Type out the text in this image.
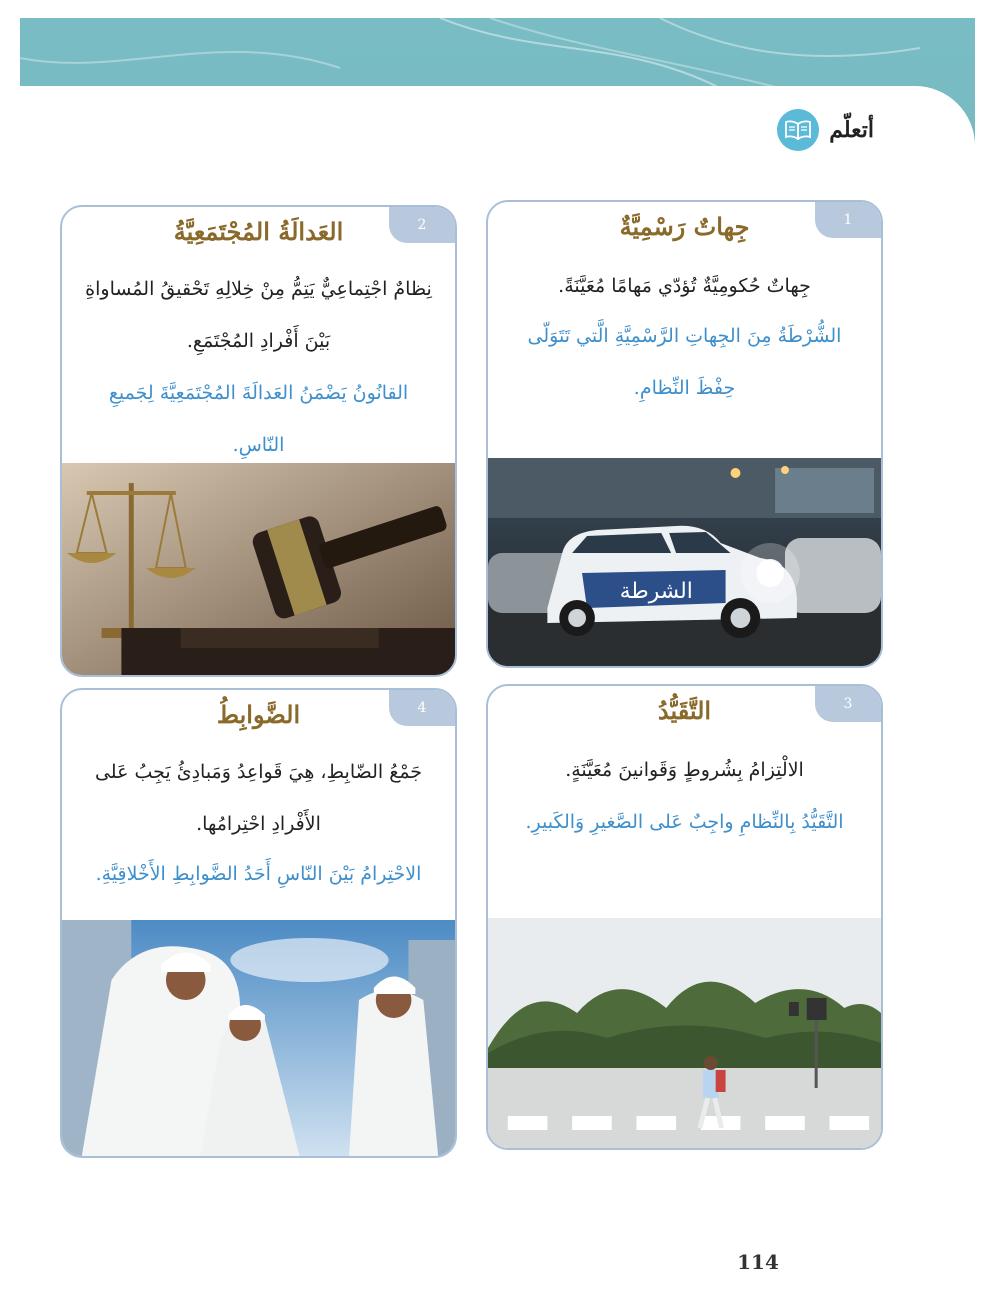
أتعلّم
1
جِهاتٌ رَسْمِيَّةٌ
جِهاتٌ حُكومِيَّةٌ تُؤدّي مَهامًا مُعَيَّنَةً.
الشُّرْطَةُ مِنَ الجِهاتِ الرَّسْمِيَّةِ الَّتي تَتَوَلّى حِفْظَ النِّظامِ.
الشرطة
2
العَدالَةُ المُجْتَمَعِيَّةُ
نِظامٌ اجْتِماعِيٌّ يَتِمُّ مِنْ خِلالِهِ تَحْقيقُ المُساواةِ بَيْنَ أَفْرادِ المُجْتَمَعِ.
القانُونُ يَضْمَنُ العَدالَةَ المُجْتَمَعِيَّةَ لِجَميعِ النّاسِ.
3
التَّقَيُّدُ
الالْتِزامُ بِشُروطٍ وَقَوانينَ مُعَيَّنَةٍ.
التَّقَيُّدُ بِالنِّظامِ واجِبٌ عَلى الصَّغيرِ وَالكَبيرِ.
4
الضَّوابِطُ
جَمْعُ الضّابِطِ، هِيَ قَواعِدُ وَمَبادِئُ يَجِبُ عَلى الأَفْرادِ احْتِرامُها.
الاحْتِرامُ بَيْنَ النّاسِ أَحَدُ الضَّوابِطِ الأَخْلاقِيَّةِ.
114
